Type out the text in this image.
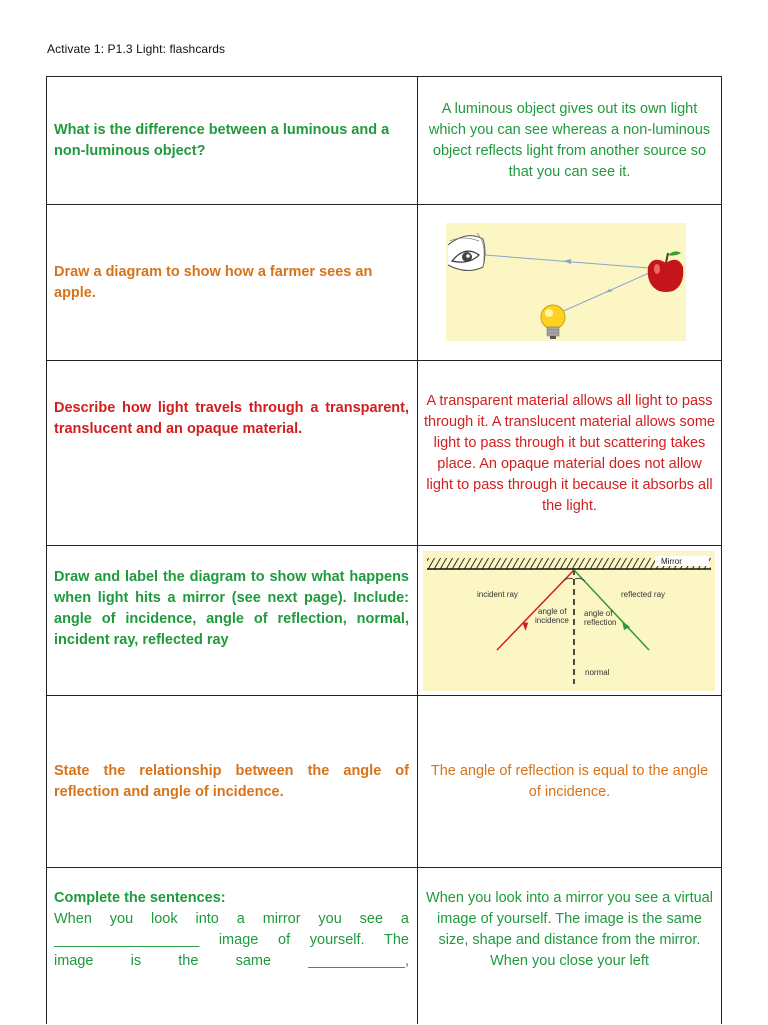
Activate 1: P1.3 Light: flashcards
What is the difference between a luminous and a non-luminous object?
A luminous object gives out its own light which you can see whereas a non-luminous object reflects light from another source so that you can see it.
Draw a diagram to show how a farmer sees an apple.
Describe how light travels through a transparent, translucent and an opaque material.
A transparent material allows all light to pass through it. A translucent material allows some light to pass through it but scattering takes place. An opaque material does not allow light to pass through it because it absorbs all the light.
Draw and label the diagram to show what happens when light hits a mirror (see next page). Include: angle of incidence, angle of reflection, normal, incident ray, reflected ray
Mirror
incident ray	reflected ray
angle of
incidence
angle of
reflection
normal
State the relationship between the angle of reflection and angle of incidence.
The angle of reflection is equal to the angle of incidence.
Complete the sentences:
When you look into a mirror you see a
__________________ image of yourself. The
image is the same ____________,
When you look into a mirror you see a virtual image of yourself. The image is the same size, shape and distance from the mirror. When you close your left
